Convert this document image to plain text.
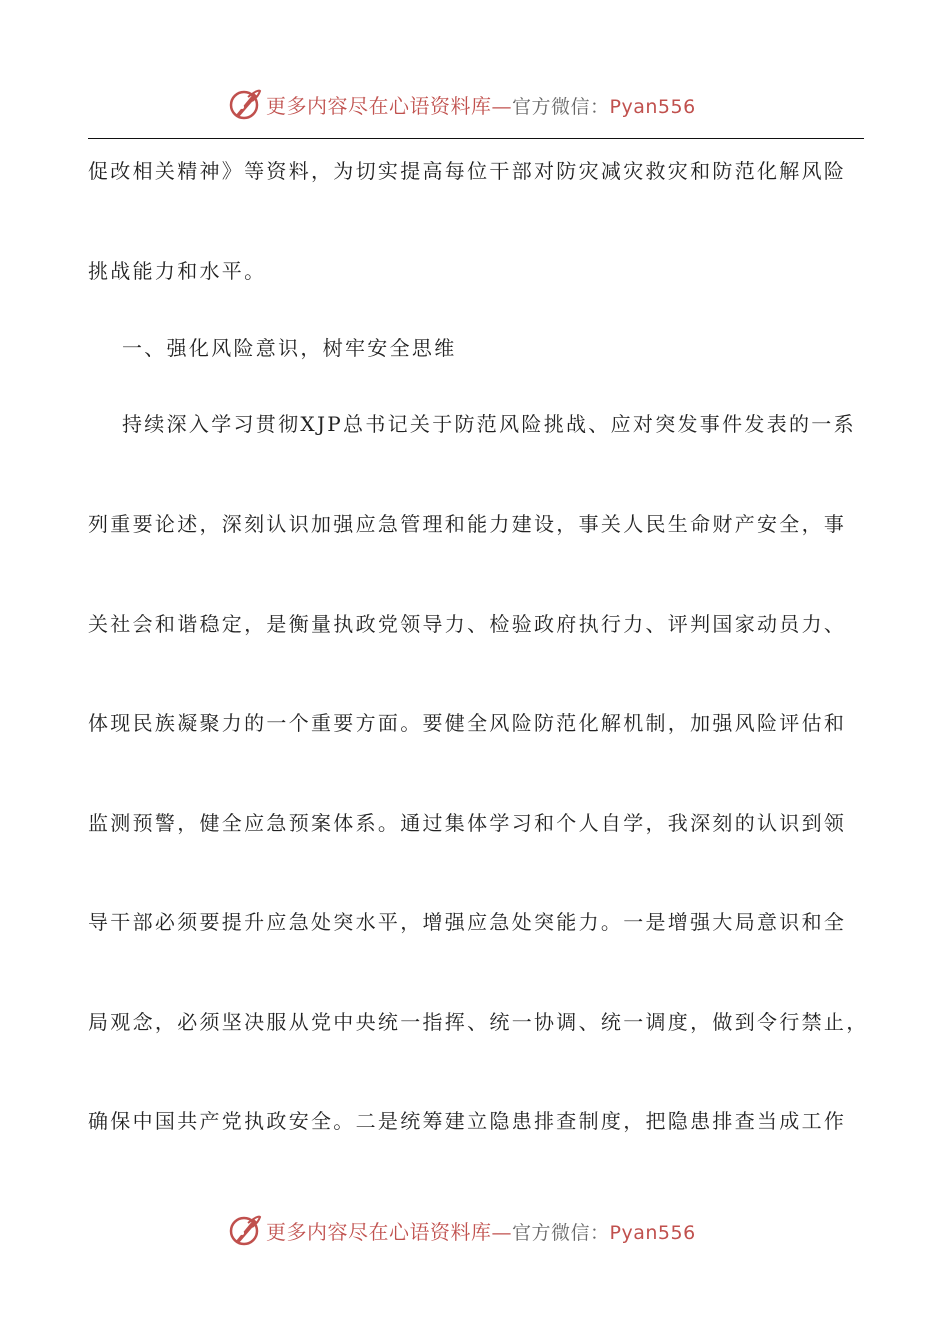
更多内容尽在心语资料库—官方微信：Pyan556
促改相关精神》等资料，为切实提高每位干部对防灾减灾救灾和防范化解风险
挑战能力和水平。
一、强化风险意识，树牢安全思维
持续深入学习贯彻XJP总书记关于防范风险挑战、应对突发事件发表的一系
列重要论述，深刻认识加强应急管理和能力建设，事关人民生命财产安全，事
关社会和谐稳定，是衡量执政党领导力、检验政府执行力、评判国家动员力、
体现民族凝聚力的一个重要方面。要健全风险防范化解机制，加强风险评估和
监测预警，健全应急预案体系。通过集体学习和个人自学，我深刻的认识到领
导干部必须要提升应急处突水平，增强应急处突能力。一是增强大局意识和全
局观念，必须坚决服从党中央统一指挥、统一协调、统一调度，做到令行禁止，
确保中国共产党执政安全。二是统筹建立隐患排查制度，把隐患排查当成工作
更多内容尽在心语资料库—官方微信：Pyan556
